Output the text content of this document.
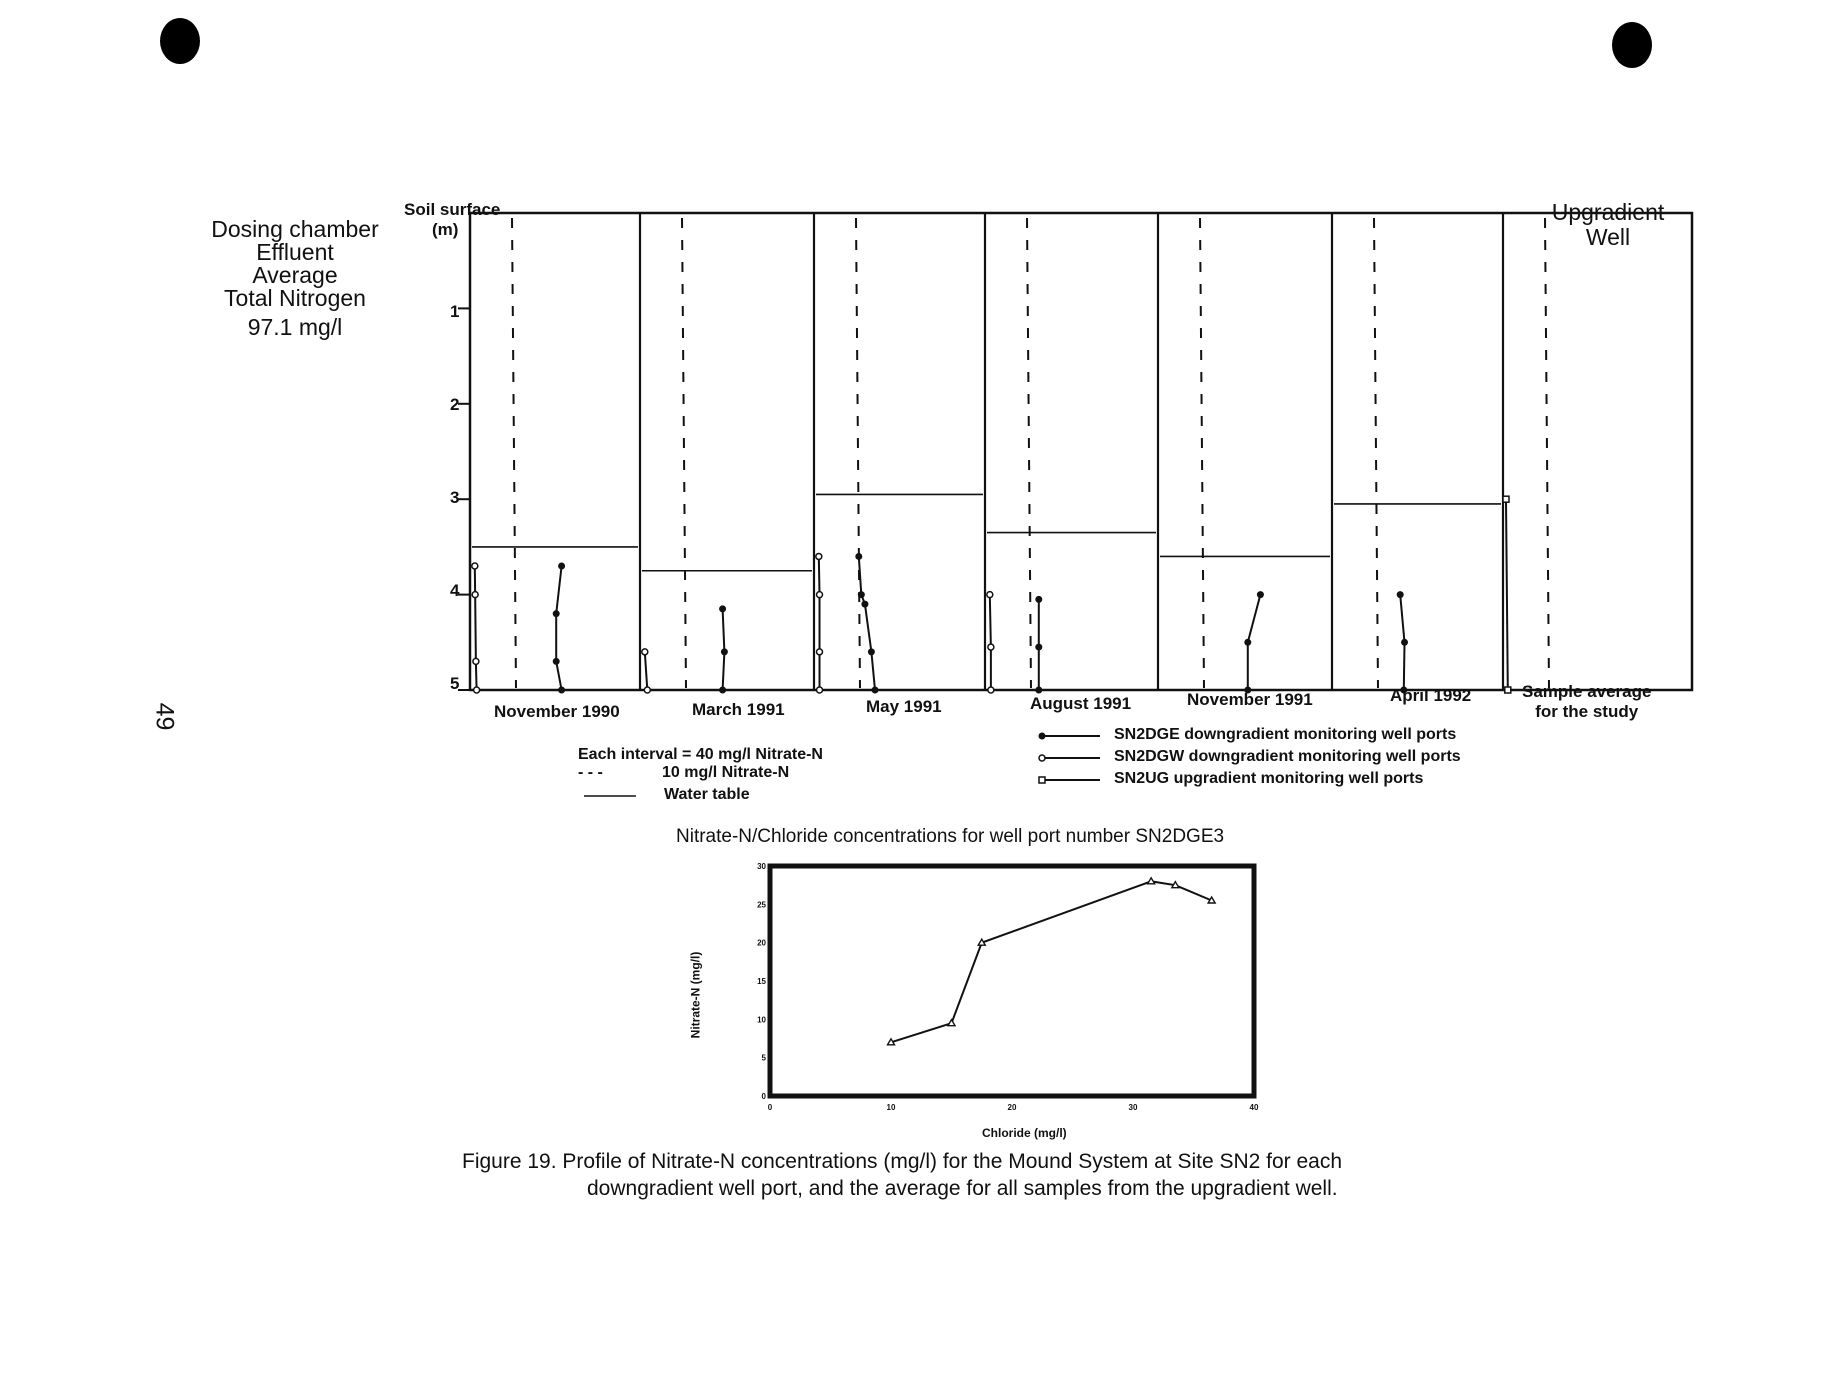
Dosing chamber
Effluent
Average
Total Nitrogen
97.1 mg/l
49
Soil surface
(m)
1
2
3
4
5
November 1990	March 1991	May 1991	August 1991	November 1991	April 1992	Sample average
for the study
Upgradient
Well
Each interval = 40 mg/l Nitrate-N
- - -	10 mg/l Nitrate-N
Water table
SN2DGE downgradient monitoring well ports
SN2DGW downgradient monitoring well ports
SN2UG upgradient monitoring well ports
Nitrate-N/Chloride concentrations for well port number SN2DGE3
0
5
10
15
20
25
30
0	10	20	30	40
Chloride (mg/l)
Nitrate-N (mg/l)
Figure 19. Profile of Nitrate-N concentrations (mg/l) for the Mound System at Site SN2 for each
downgradient well port, and the average for all samples from the upgradient well.
